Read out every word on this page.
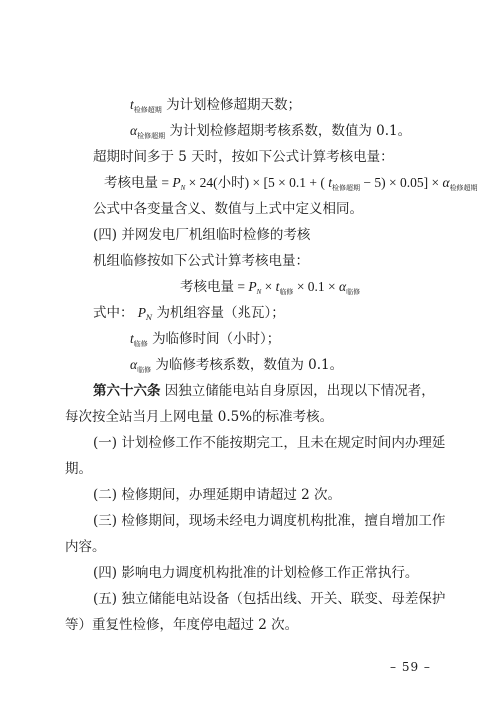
$t_{检修超期}$ 为计划检修超期天数；
$\alpha_{检修超期}$ 为计划检修超期考核系数，数值为 0.1。
超期时间多于 5 天时，按如下公式计算考核电量：
考核电量 = $P_N \times 24$(小时) × [5 × 0.1 + ( $t_{检修超期} - 5) \times 0.05] \times \alpha_{检修超期}$
公式中各变量含义、数值与上式中定义相同。
(四) 并网发电厂机组临时检修的考核
机组临修按如下公式计算考核电量：
考核电量 = $P_N \times t_{临修} \times 0.1 \times \alpha_{临修}$
式中： $P_N$ 为机组容量（兆瓦）；
$t_{临修}$ 为临修时间（小时）；
$\alpha_{临修}$ 为临修考核系数，数值为 0.1。
第六十六条 因独立储能电站自身原因，出现以下情况者，
每次按全站当月上网电量 0.5%的标准考核。
(一) 计划检修工作不能按期完工，且未在规定时间内办理延
期。
(二) 检修期间，办理延期申请超过 2 次。
(三) 检修期间，现场未经电力调度机构批准，擅自增加工作
内容。
(四) 影响电力调度机构批准的计划检修工作正常执行。
(五) 独立储能电站设备（包括出线、开关、联变、母差保护
等）重复性检修，年度停电超过 2 次。
– 59 –
